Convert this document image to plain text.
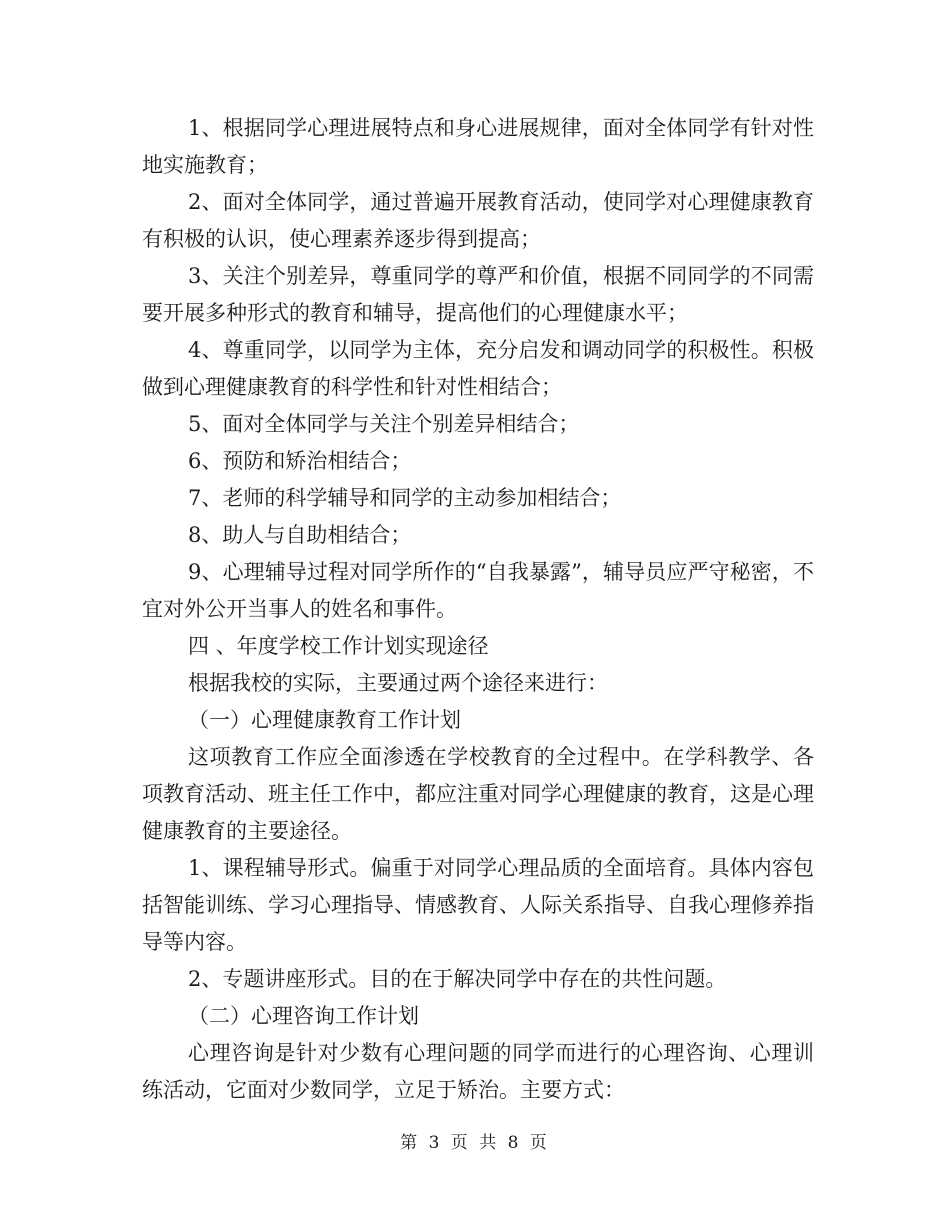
1、根据同学心理进展特点和身心进展规律，面对全体同学有针对性地实施教育；

2、面对全体同学，通过普遍开展教育活动，使同学对心理健康教育有积极的认识，使心理素养逐步得到提高；

3、关注个别差异，尊重同学的尊严和价值，根据不同同学的不同需要开展多种形式的教育和辅导，提高他们的心理健康水平；

4、尊重同学，以同学为主体，充分启发和调动同学的积极性。积极做到心理健康教育的科学性和针对性相结合；

5、面对全体同学与关注个别差异相结合；

6、预防和矫治相结合；

7、老师的科学辅导和同学的主动参加相结合；

8、助人与自助相结合；

9、心理辅导过程对同学所作的“自我暴露”，辅导员应严守秘密，不宜对外公开当事人的姓名和事件。

四 、年度学校工作计划实现途径

根据我校的实际，主要通过两个途径来进行：

（一）心理健康教育工作计划

这项教育工作应全面渗透在学校教育的全过程中。在学科教学、各项教育活动、班主任工作中，都应注重对同学心理健康的教育，这是心理健康教育的主要途径。

1、课程辅导形式。偏重于对同学心理品质的全面培育。具体内容包括智能训练、学习心理指导、情感教育、人际关系指导、自我心理修养指导等内容。

2、专题讲座形式。目的在于解决同学中存在的共性问题。

（二）心理咨询工作计划

心理咨询是针对少数有心理问题的同学而进行的心理咨询、心理训练活动，它面对少数同学，立足于矫治。主要方式：

第 3 页 共 8 页
